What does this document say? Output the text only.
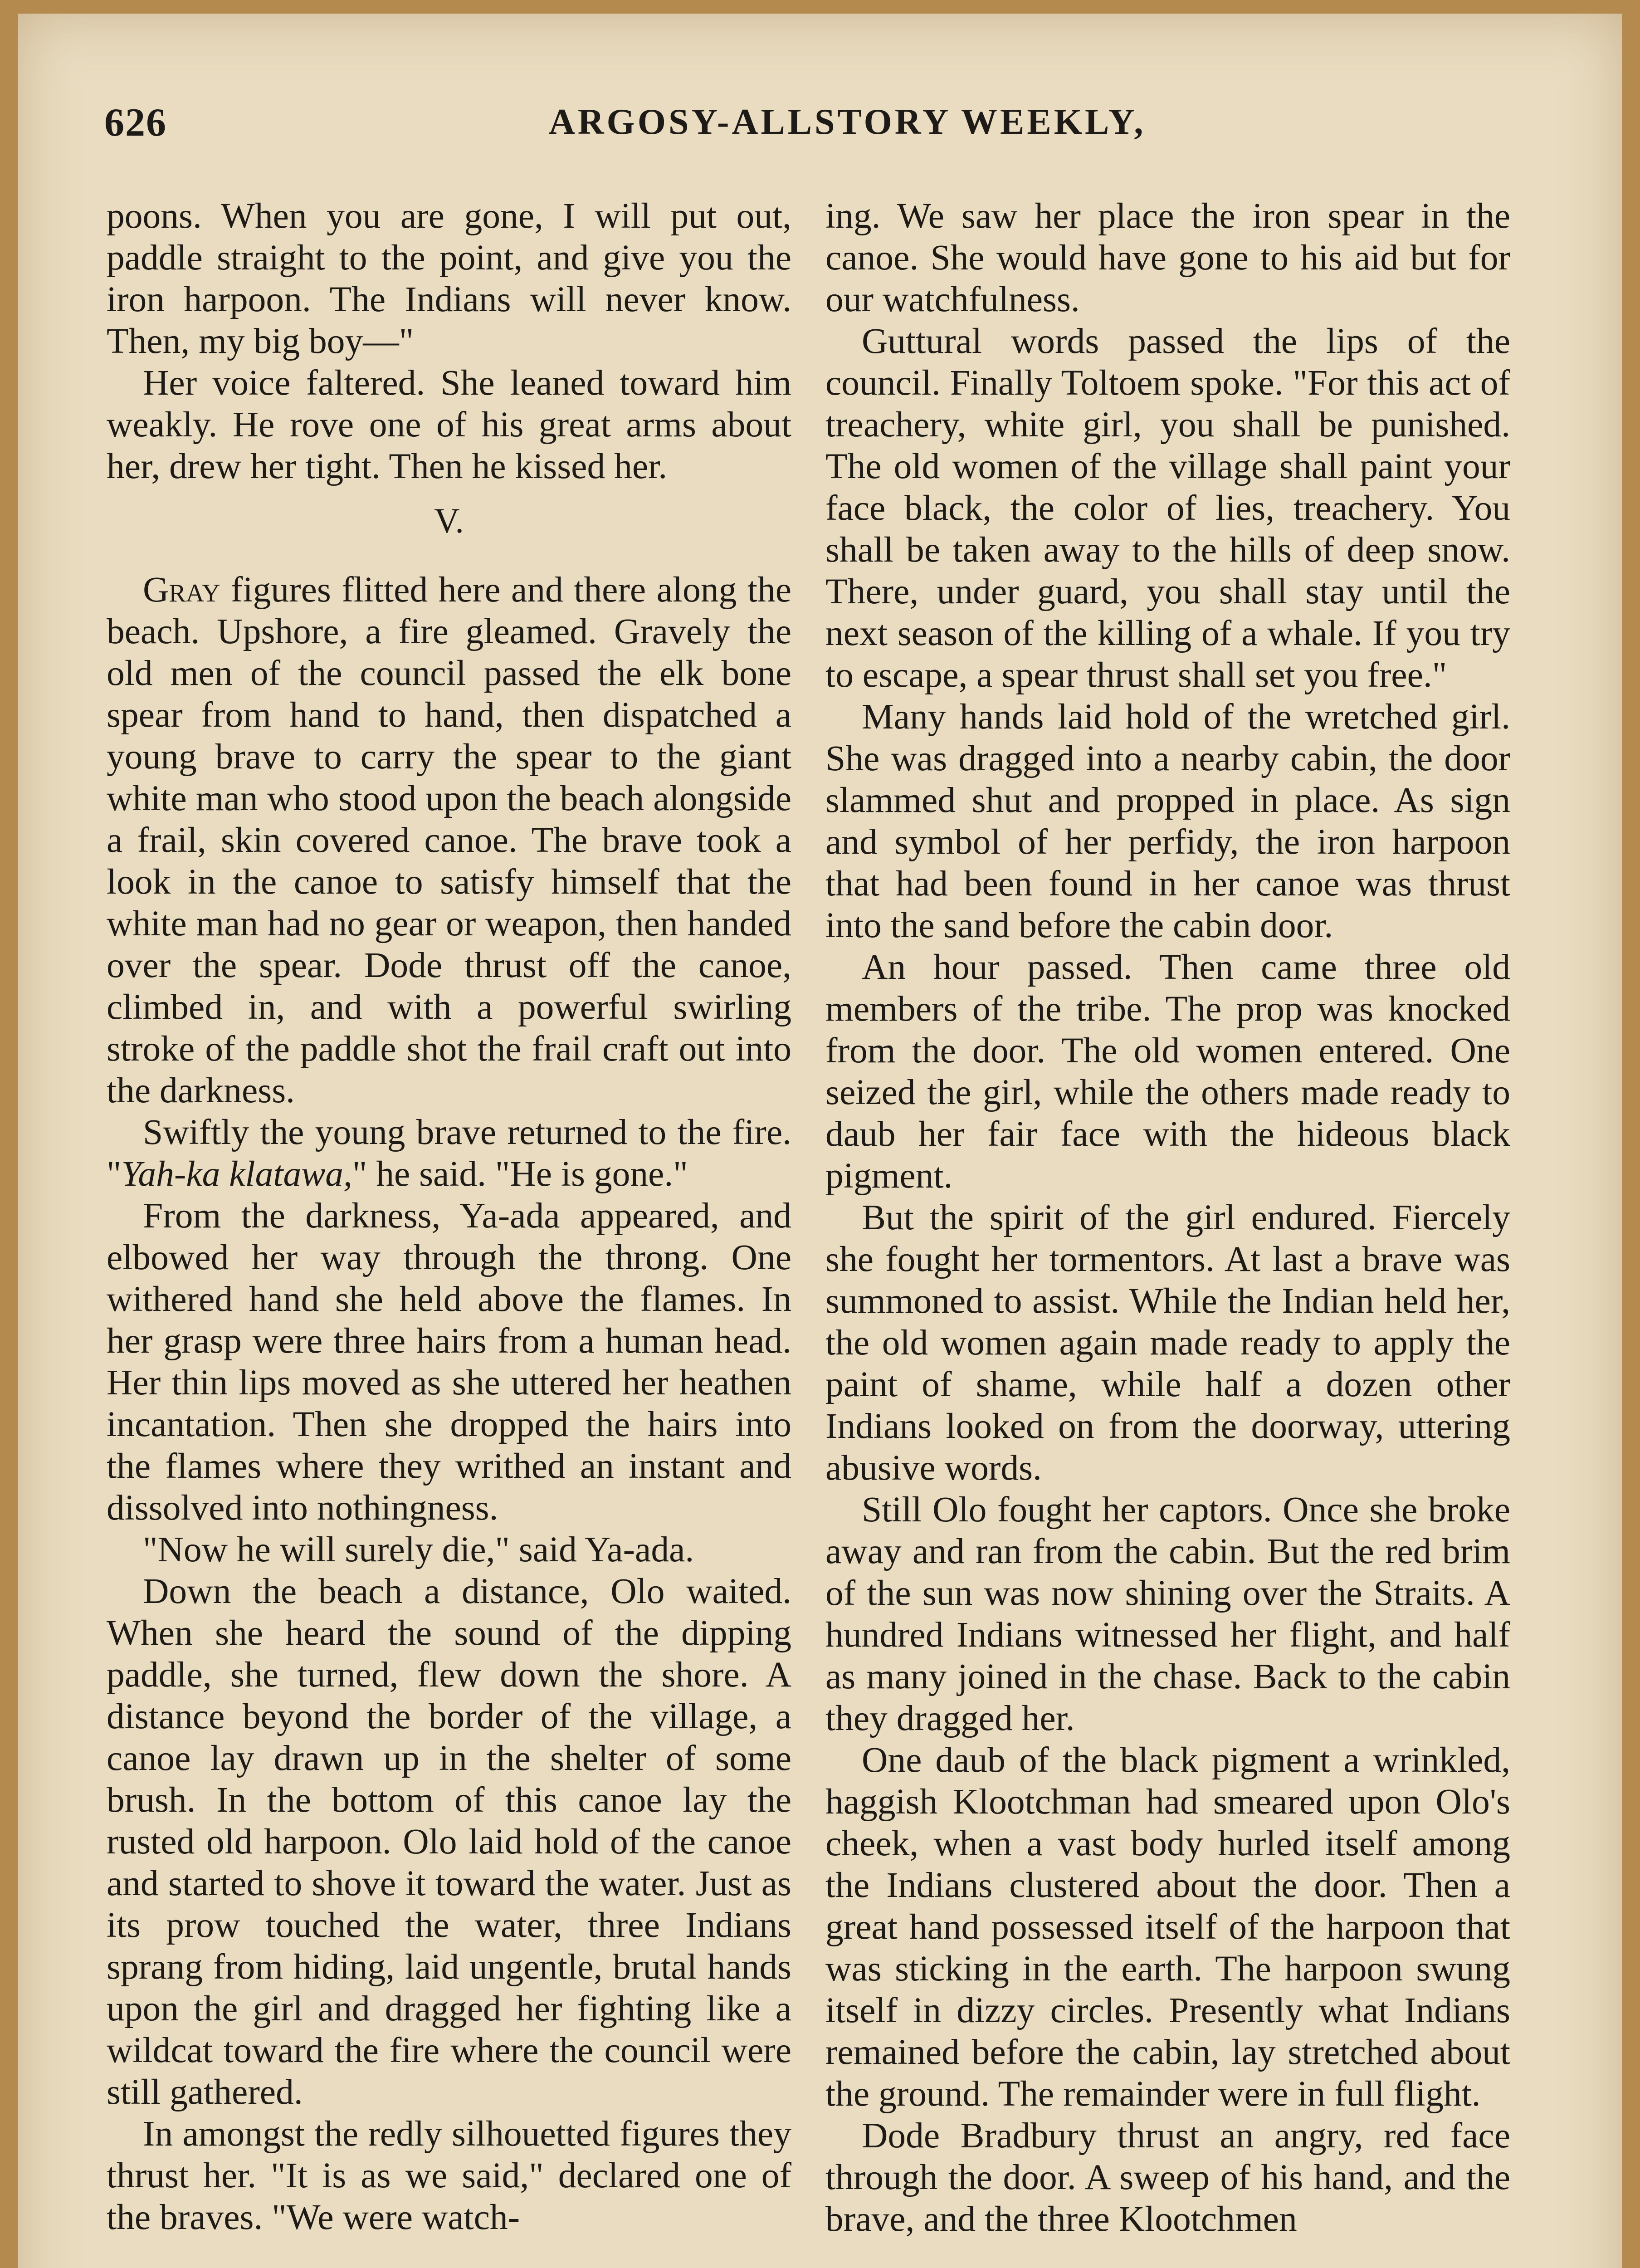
626	ARGOSY-ALLSTORY WEEKLY,

poons. When you are gone, I will put out, paddle straight to the point, and give you the iron harpoon. The Indians will never know. Then, my big boy—"

Her voice faltered. She leaned toward him weakly. He rove one of his great arms about her, drew her tight. Then he kissed her.

V.

Gray figures flitted here and there along the beach. Upshore, a fire gleamed. Gravely the old men of the council passed the elk bone spear from hand to hand, then dispatched a young brave to carry the spear to the giant white man who stood upon the beach alongside a frail, skin covered canoe. The brave took a look in the canoe to satisfy himself that the white man had no gear or weapon, then handed over the spear. Dode thrust off the canoe, climbed in, and with a powerful swirling stroke of the paddle shot the frail craft out into the darkness.

Swiftly the young brave returned to the fire. "Yah-ka klatawa," he said. "He is gone."

From the darkness, Ya-ada appeared, and elbowed her way through the throng. One withered hand she held above the flames. In her grasp were three hairs from a human head. Her thin lips moved as she uttered her heathen incantation. Then she dropped the hairs into the flames where they writhed an instant and dissolved into nothingness.

"Now he will surely die," said Ya-ada.

Down the beach a distance, Olo waited. When she heard the sound of the dipping paddle, she turned, flew down the shore. A distance beyond the border of the village, a canoe lay drawn up in the shelter of some brush. In the bottom of this canoe lay the rusted old harpoon. Olo laid hold of the canoe and started to shove it toward the water. Just as its prow touched the water, three Indians sprang from hiding, laid ungentle, brutal hands upon the girl and dragged her fighting like a wildcat toward the fire where the council were still gathered.

In amongst the redly silhouetted figures they thrust her. "It is as we said," declared one of the braves. "We were watch-

ing. We saw her place the iron spear in the canoe. She would have gone to his aid but for our watchfulness.

Guttural words passed the lips of the council. Finally Toltoem spoke. "For this act of treachery, white girl, you shall be punished. The old women of the village shall paint your face black, the color of lies, treachery. You shall be taken away to the hills of deep snow. There, under guard, you shall stay until the next season of the killing of a whale. If you try to escape, a spear thrust shall set you free."

Many hands laid hold of the wretched girl. She was dragged into a nearby cabin, the door slammed shut and propped in place. As sign and symbol of her perfidy, the iron harpoon that had been found in her canoe was thrust into the sand before the cabin door.

An hour passed. Then came three old members of the tribe. The prop was knocked from the door. The old women entered. One seized the girl, while the others made ready to daub her fair face with the hideous black pigment.

But the spirit of the girl endured. Fiercely she fought her tormentors. At last a brave was summoned to assist. While the Indian held her, the old women again made ready to apply the paint of shame, while half a dozen other Indians looked on from the doorway, uttering abusive words.

Still Olo fought her captors. Once she broke away and ran from the cabin. But the red brim of the sun was now shining over the Straits. A hundred Indians witnessed her flight, and half as many joined in the chase. Back to the cabin they dragged her.

One daub of the black pigment a wrinkled, haggish Klootchman had smeared upon Olo's cheek, when a vast body hurled itself among the Indians clustered about the door. Then a great hand possessed itself of the harpoon that was sticking in the earth. The harpoon swung itself in dizzy circles. Presently what Indians remained before the cabin, lay stretched about the ground. The remainder were in full flight.

Dode Bradbury thrust an angry, red face through the door. A sweep of his hand, and the brave, and the three Klootchmen
